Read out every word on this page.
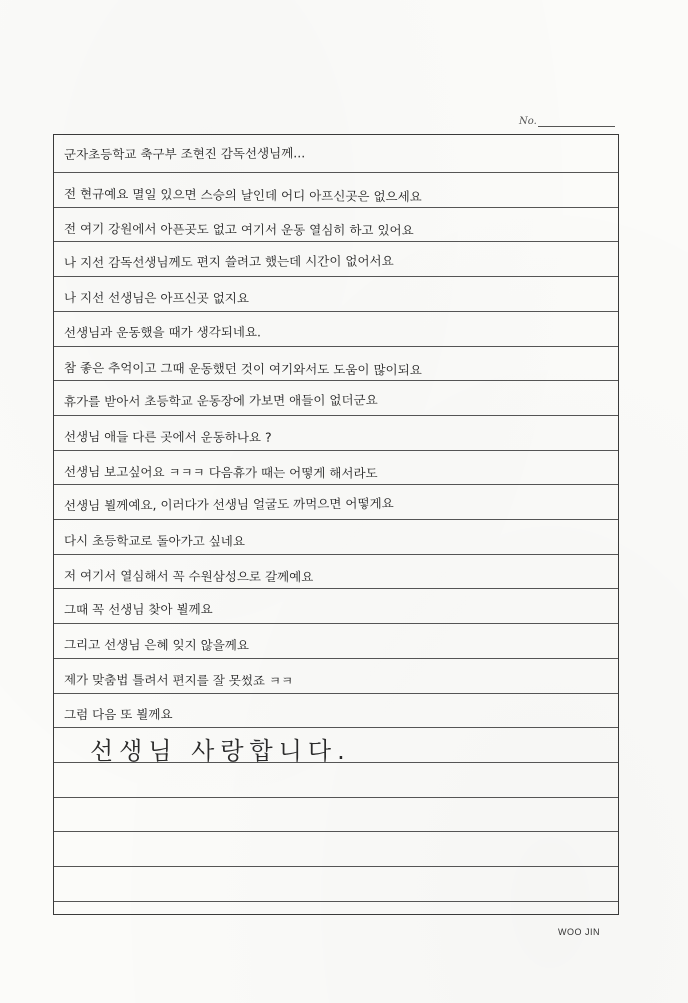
No.
군자초등학교 축구부 조현진 감독선생님께...
전 현규예요 멸일 있으면 스승의 날인데 어디 아프신곳은 없으세요
전 여기 강원에서 아픈곳도 없고 여기서 운동 열심히 하고 있어요
나 지선 감독선생님께도 편지 쓸려고 했는데 시간이 없어서요
나 지선 선생님은 아프신곳 없지요
선생님과 운동했을 때가 생각되네요.
참 좋은 추억이고 그때 운동했던 것이 여기와서도 도움이 많이되요
휴가를 받아서 초등학교 운동장에 가보면 애들이 없더군요
선생님 애들 다른 곳에서 운동하나요 ?
선생님 보고싶어요 ㅋㅋㅋ 다음휴가 때는 어떻게 해서라도
선생님 뵐께예요, 이러다가 선생님 얼굴도 까먹으면 어떻게요
다시 초등학교로 돌아가고 싶네요
저 여기서 열심해서 꼭 수원삼성으로 갈께예요
그때 꼭 선생님 찾아 뵐께요
그리고 선생님 은혜 잊지 않을께요
제가 맞춤법 틀려서 편지를 잘 못썼죠 ㅋㅋ
그럼 다음 또 뵐께요
선생님 사랑합니다.
WOO JIN
